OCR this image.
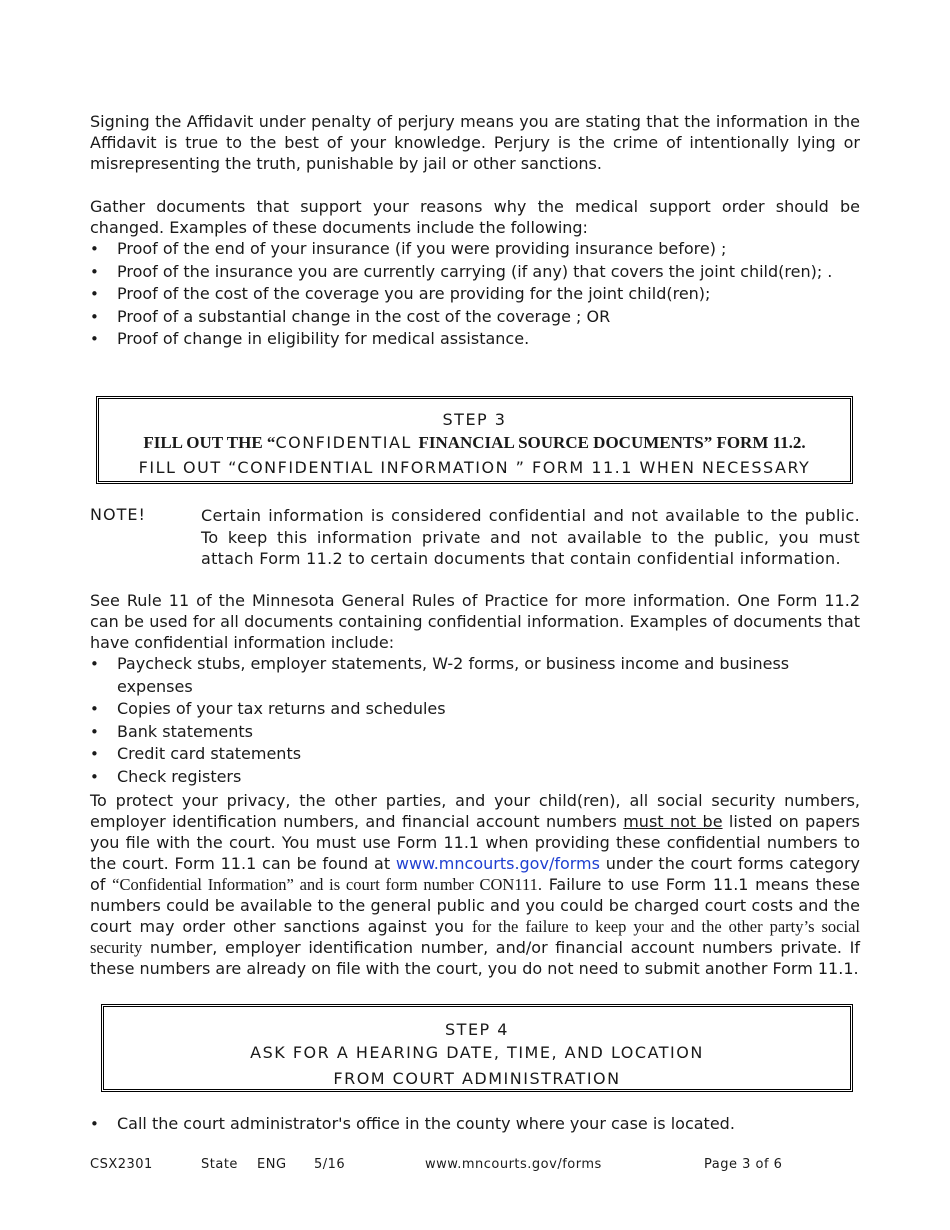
Signing the Affidavit under penalty of perjury means you are stating that the information in the Affidavit is true to the best of your knowledge. Perjury is the crime of intentionally lying or misrepresenting the truth, punishable by jail or other sanctions.

Gather documents that support your reasons why the medical support order should be changed. Examples of these documents include the following:

• Proof of the end of your insurance (if you were providing insurance before) ;
• Proof of the insurance you are currently carrying (if any) that covers the joint child(ren); .
• Proof of the cost of the coverage you are providing for the joint child(ren);
• Proof of a substantial change in the cost of the coverage ; OR
• Proof of change in eligibility for medical assistance.
STEP 3
FILL OUT THE “CONFIDENTIAL FINANCIAL SOURCE DOCUMENTS” FORM 11.2.
FILL OUT “CONFIDENTIAL INFORMATION ” FORM 11.1 WHEN NECESSARY
NOTE!	Certain information is considered confidential and not available to the public. To keep this information private and not available to the public, you must attach Form 11.2 to certain documents that contain confidential information.

See Rule 11 of the Minnesota General Rules of Practice for more information. One Form 11.2 can be used for all documents containing confidential information. Examples of documents that have confidential information include:

• Paycheck stubs, employer statements, W-2 forms, or business income and business expenses
• Copies of your tax returns and schedules
• Bank statements
• Credit card statements
• Check registers

To protect your privacy, the other parties, and your child(ren), all social security numbers, employer identification numbers, and financial account numbers must not be listed on papers you file with the court. You must use Form 11.1 when providing these confidential numbers to the court. Form 11.1 can be found at www.mncourts.gov/forms under the court forms category of “Confidential Information” and is court form number CON111. Failure to use Form 11.1 means these numbers could be available to the general public and you could be charged court costs and the court may order other sanctions against you for the failure to keep your and the other party’s social security number, employer identification number, and/or financial account numbers private. If these numbers are already on file with the court, you do not need to submit another Form 11.1.

STEP 4
ASK FOR A HEARING DATE, TIME, AND LOCATION
FROM COURT ADMINISTRATION
• Call the court administrator's office in the county where your case is located.
CSX2301	State ENG 5/16	www.mncourts.gov/forms	Page 3 of 6
